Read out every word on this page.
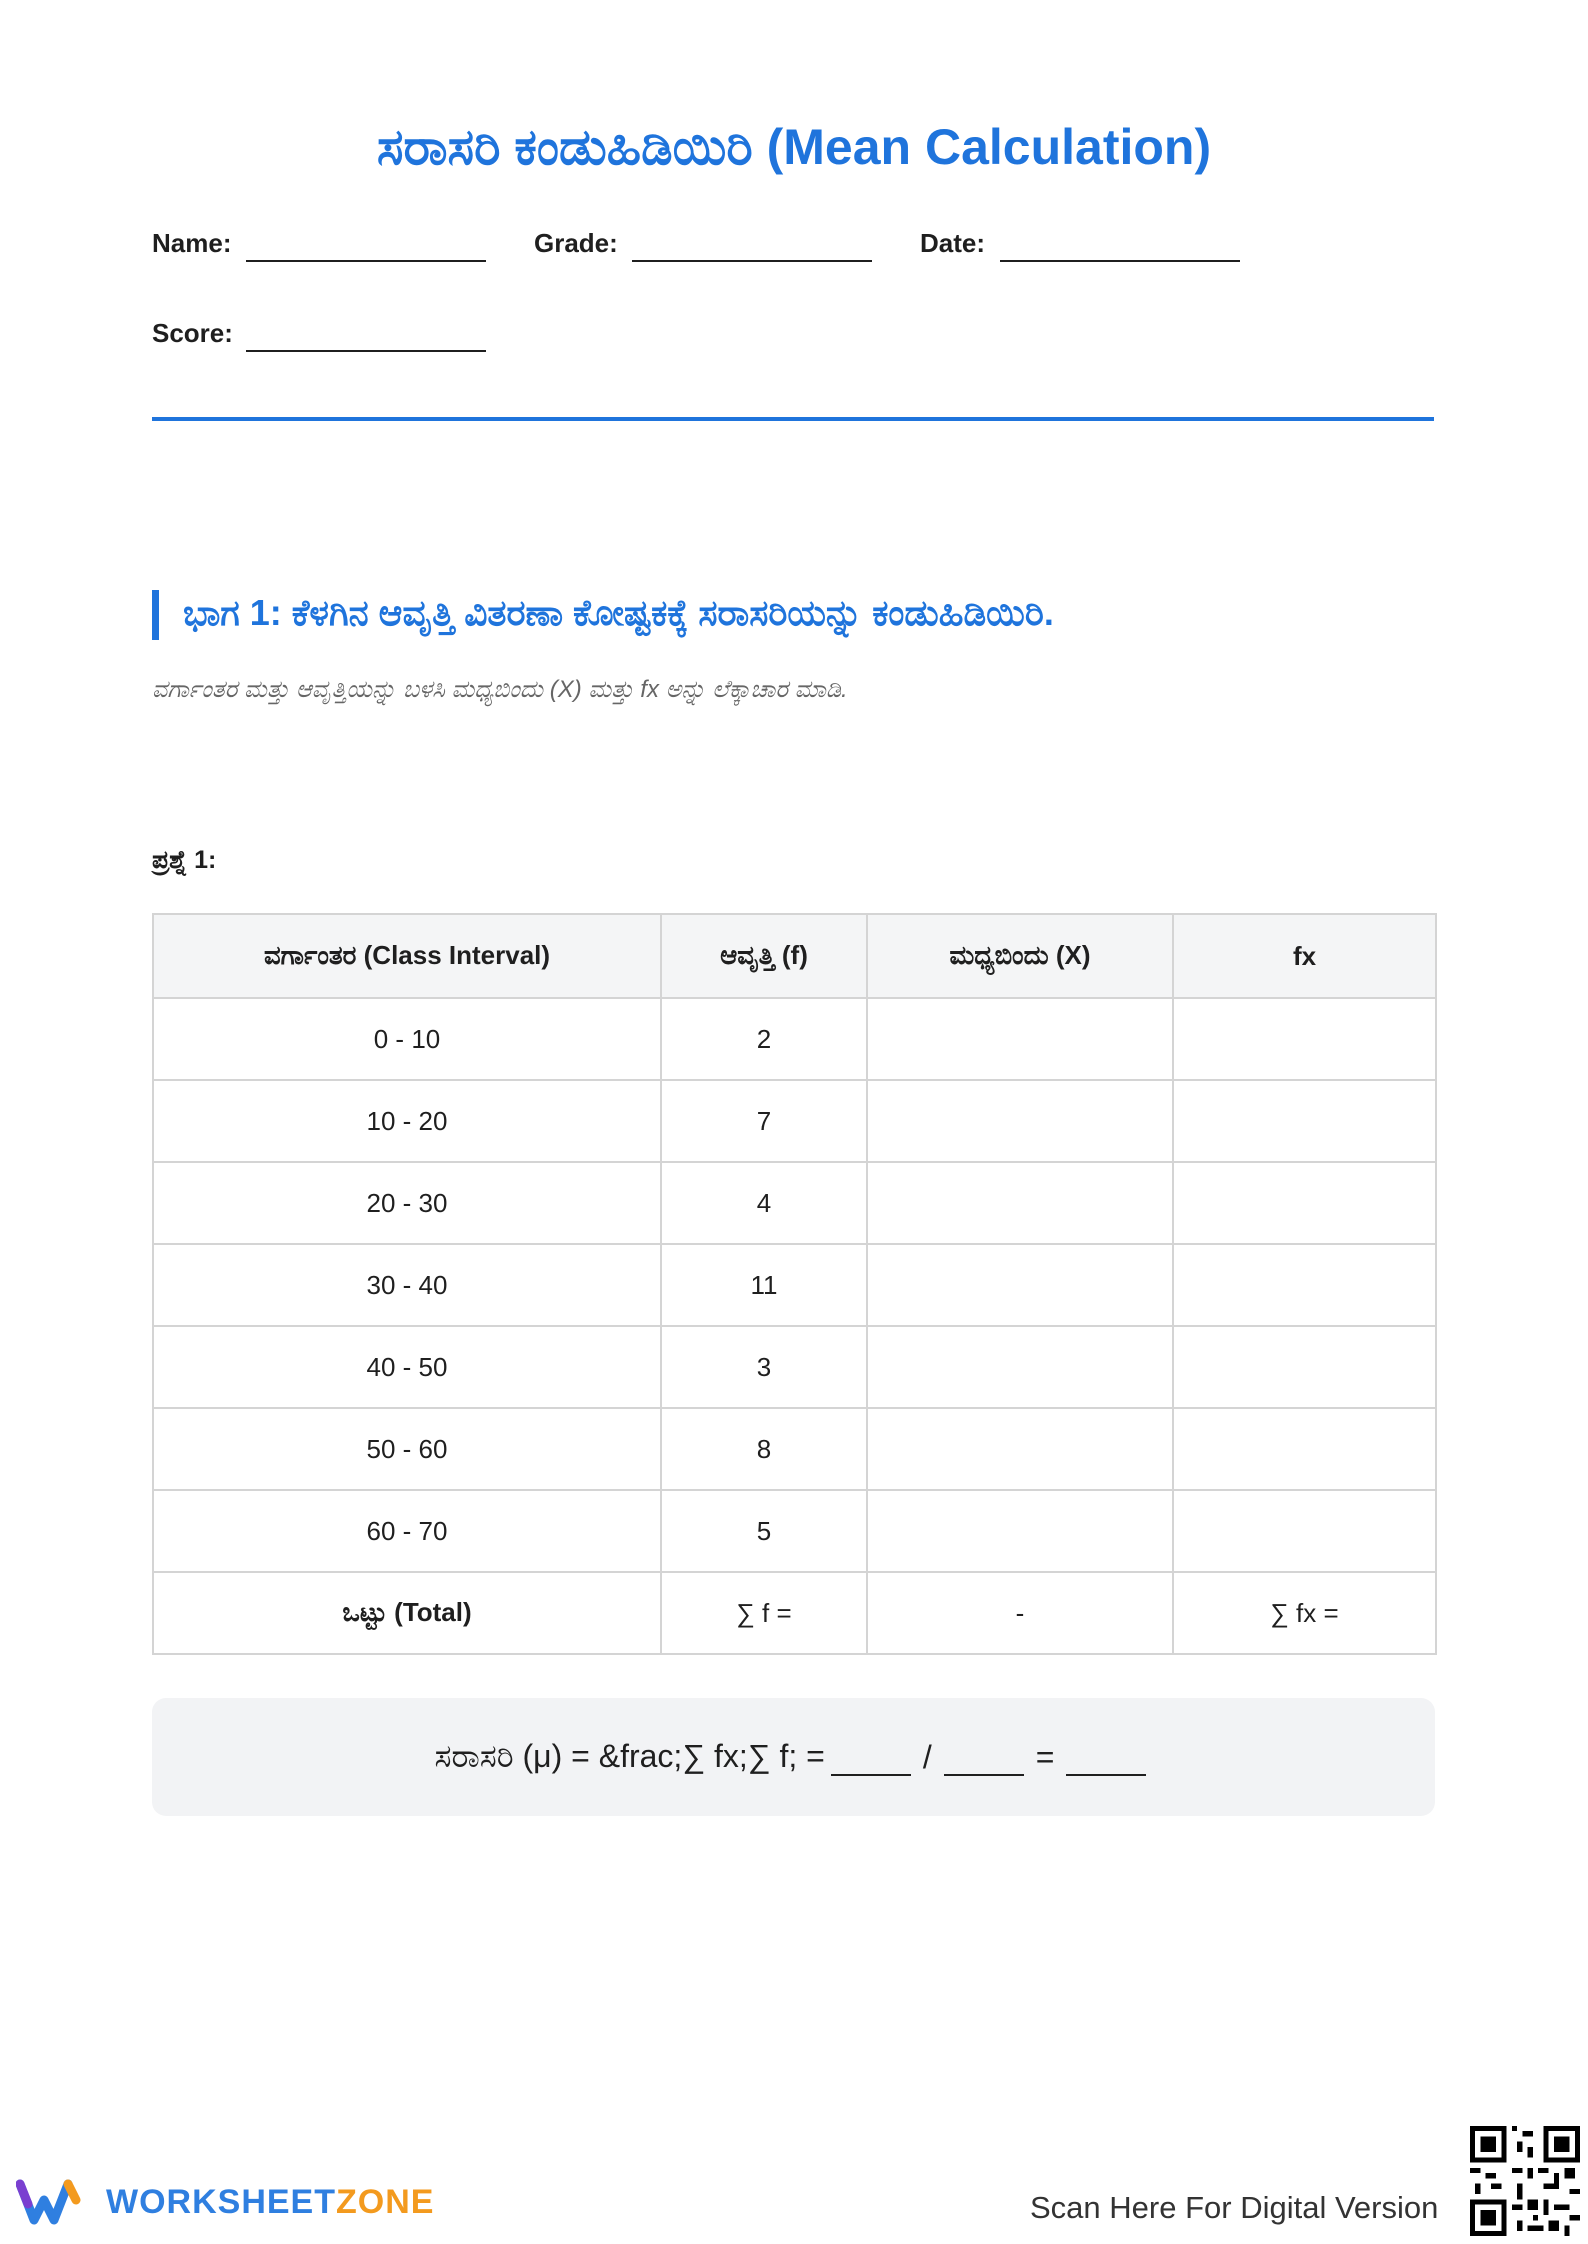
ಸರಾಸರಿ ಕಂಡುಹಿಡಿಯಿರಿ (Mean Calculation)
Name:	Grade:	Date:
Score:
ಭಾಗ 1: ಕೆಳಗಿನ ಆವೃತ್ತಿ ವಿತರಣಾ ಕೋಷ್ಟಕಕ್ಕೆ ಸರಾಸರಿಯನ್ನು ಕಂಡುಹಿಡಿಯಿರಿ.
ವರ್ಗಾಂತರ ಮತ್ತು ಆವೃತ್ತಿಯನ್ನು ಬಳಸಿ ಮಧ್ಯಬಿಂದು (X) ಮತ್ತು fx ಅನ್ನು ಲೆಕ್ಕಾಚಾರ ಮಾಡಿ.
ಪ್ರಶ್ನೆ 1:
ವರ್ಗಾಂತರ (Class Interval)	ಆವೃತ್ತಿ (f)	ಮಧ್ಯಬಿಂದು (X)	fx
0 - 10	2		
10 - 20	7		
20 - 30	4		
30 - 40	11		
40 - 50	3		
50 - 60	8		
60 - 70	5		
ಒಟ್ಟು (Total)	∑ f =	-	∑ fx =
ಸರಾಸರಿ (μ) = &frac;∑ fx;∑ f; =	/	=
WORKSHEETZONE	Scan Here For Digital Version
